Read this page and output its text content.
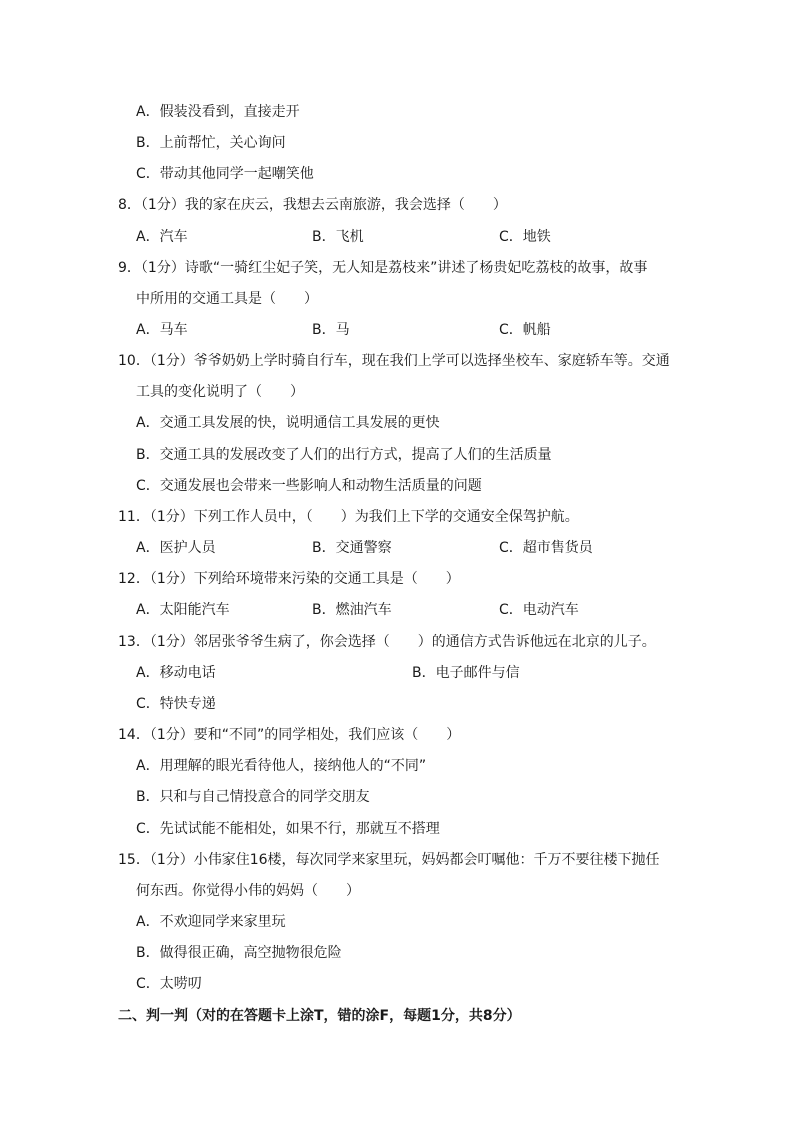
A．假装没看到，直接走开
B．上前帮忙，关心询问
C．带动其他同学一起嘲笑他
8．（1分）我的家在庆云，我想去云南旅游，我会选择（　　）
A．汽车	B．飞机	C．地铁
9．（1分）诗歌“一骑红尘妃子笑，无人知是荔枝来”讲述了杨贵妃吃荔枝的故事，故事
中所用的交通工具是（　　）
A．马车	B．马	C．帆船
10．（1分）爷爷奶奶上学时骑自行车，现在我们上学可以选择坐校车、家庭轿车等。交通
工具的变化说明了（　　）
A．交通工具发展的快，说明通信工具发展的更快
B．交通工具的发展改变了人们的出行方式，提高了人们的生活质量
C．交通发展也会带来一些影响人和动物生活质量的问题
11．（1分）下列工作人员中，（　　）为我们上下学的交通安全保驾护航。
A．医护人员	B．交通警察	C．超市售货员
12．（1分）下列给环境带来污染的交通工具是（　　）
A．太阳能汽车	B．燃油汽车	C．电动汽车
13．（1分）邻居张爷爷生病了，你会选择（　　）的通信方式告诉他远在北京的儿子。
A．移动电话	B．电子邮件与信
C．特快专递
14．（1分）要和“不同”的同学相处，我们应该（　　）
A．用理解的眼光看待他人，接纳他人的“不同”
B．只和与自己情投意合的同学交朋友
C．先试试能不能相处，如果不行，那就互不搭理
15．（1分）小伟家住16楼，每次同学来家里玩，妈妈都会叮嘱他：千万不要往楼下抛任
何东西。你觉得小伟的妈妈（　　）
A．不欢迎同学来家里玩
B．做得很正确，高空抛物很危险
C．太唠叨
二、判一判（对的在答题卡上涂T，错的涂F，每题1分，共8分）
